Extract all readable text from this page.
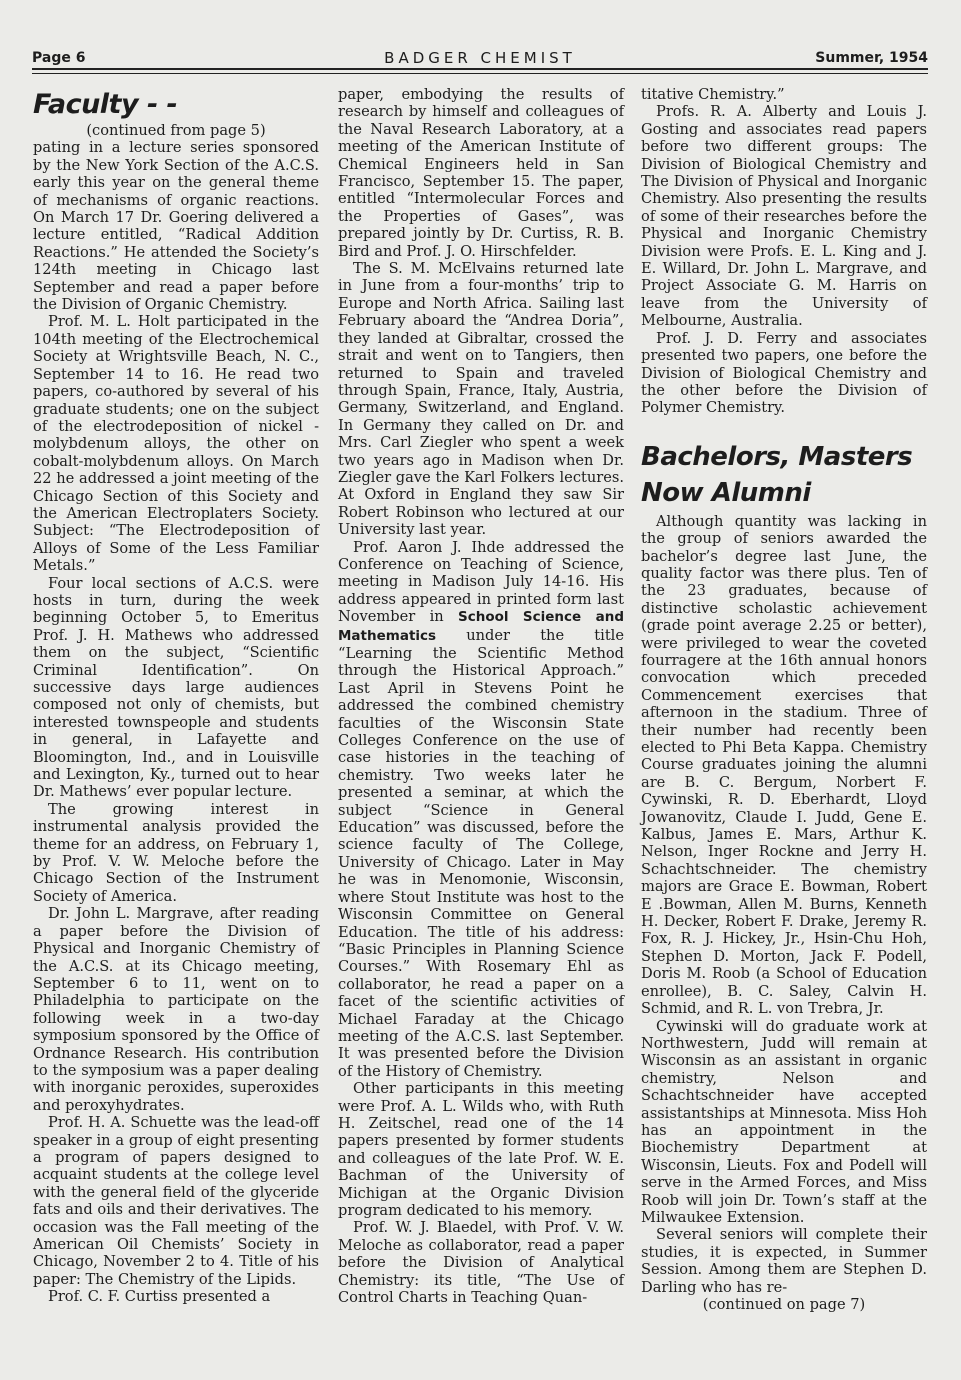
Page 6	BADGER CHEMIST	Summer, 1954
Faculty - -

(continued from page 5)

pating in a lecture series sponsored by the New York Section of the A.C.S. early this year on the general theme of mechanisms of organic reactions. On March 17 Dr. Goering delivered a lecture entitled, “Radical Addition Reactions.” He attended the Society’s 124th meeting in Chicago last September and read a paper before the Division of Organic Chemistry.

Prof. M. L. Holt participated in the 104th meeting of the Electrochemical Society at Wrightsville Beach, N. C., September 14 to 16. He read two papers, co-authored by several of his graduate students; one on the subject of the electrodeposition of nickel - molybdenum alloys, the other on cobalt-molybdenum alloys. On March 22 he addressed a joint meeting of the Chicago Section of this Society and the American Electroplaters Society. Subject: “The Electrodeposition of Alloys of Some of the Less Familiar Metals.”

Four local sections of A.C.S. were hosts in turn, during the week beginning October 5, to Emeritus Prof. J. H. Mathews who addressed them on the subject, “Scientific Criminal Identification”. On successive days large audiences composed not only of chemists, but interested townspeople and students in general, in Lafayette and Bloomington, Ind., and in Louisville and Lexington, Ky., turned out to hear Dr. Mathews’ ever popular lecture.

The growing interest in instrumental analysis provided the theme for an address, on February 1, by Prof. V. W. Meloche before the Chicago Section of the Instrument Society of America.

Dr. John L. Margrave, after reading a paper before the Division of Physical and Inorganic Chemistry of the A.C.S. at its Chicago meeting, September 6 to 11, went on to Philadelphia to participate on the following week in a two-day symposium sponsored by the Office of Ordnance Research. His contribution to the symposium was a paper dealing with inorganic peroxides, superoxides and peroxyhydrates.

Prof. H. A. Schuette was the lead-off speaker in a group of eight presenting a program of papers designed to acquaint students at the college level with the general field of the glyceride fats and oils and their derivatives. The occasion was the Fall meeting of the American Oil Chemists’ Society in Chicago, November 2 to 4. Title of his paper: The Chemistry of the Lipids.

Prof. C. F. Curtiss presented a

paper, embodying the results of research by himself and colleagues of the Naval Research Laboratory, at a meeting of the American Institute of Chemical Engineers held in San Francisco, September 15. The paper, entitled “Intermolecular Forces and the Properties of Gases”, was prepared jointly by Dr. Curtiss, R. B. Bird and Prof. J. O. Hirschfelder.

The S. M. McElvains returned late in June from a four-months’ trip to Europe and North Africa. Sailing last February aboard the “Andrea Doria”, they landed at Gibraltar, crossed the strait and went on to Tangiers, then returned to Spain and traveled through Spain, France, Italy, Austria, Germany, Switzerland, and England. In Germany they called on Dr. and Mrs. Carl Ziegler who spent a week two years ago in Madison when Dr. Ziegler gave the Karl Folkers lectures. At Oxford in England they saw Sir Robert Robinson who lectured at our University last year.

Prof. Aaron J. Ihde addressed the Conference on Teaching of Science, meeting in Madison July 14-16. His address appeared in printed form last November in School Science and Mathematics under the title “Learning the Scientific Method through the Historical Approach.” Last April in Stevens Point he addressed the combined chemistry faculties of the Wisconsin State Colleges Conference on the use of case histories in the teaching of chemistry. Two weeks later he presented a seminar, at which the subject “Science in General Education” was discussed, before the science faculty of The College, University of Chicago. Later in May he was in Menomonie, Wisconsin, where Stout Institute was host to the Wisconsin Committee on General Education. The title of his address: “Basic Principles in Planning Science Courses.” With Rosemary Ehl as collaborator, he read a paper on a facet of the scientific activities of Michael Faraday at the Chicago meeting of the A.C.S. last September. It was presented before the Division of the History of Chemistry.

Other participants in this meeting were Prof. A. L. Wilds who, with Ruth H. Zeitschel, read one of the 14 papers presented by former students and colleagues of the late Prof. W. E. Bachman of the University of Michigan at the Organic Division program dedicated to his memory.

Prof. W. J. Blaedel, with Prof. V. W. Meloche as collaborator, read a paper before the Division of Analytical Chemistry: its title, “The Use of Control Charts in Teaching Quan-

titative Chemistry.”

Profs. R. A. Alberty and Louis J. Gosting and associates read papers before two different groups: The Division of Biological Chemistry and The Division of Physical and Inorganic Chemistry. Also presenting the results of some of their researches before the Physical and Inorganic Chemistry Division were Profs. E. L. King and J. E. Willard, Dr. John L. Margrave, and Project Associate G. M. Harris on leave from the University of Melbourne, Australia.

Prof. J. D. Ferry and associates presented two papers, one before the Division of Biological Chemistry and the other before the Division of Polymer Chemistry.

Bachelors, Masters
Now Alumni

Although quantity was lacking in the group of seniors awarded the bachelor’s degree last June, the quality factor was there plus. Ten of the 23 graduates, because of distinctive scholastic achievement (grade point average 2.25 or better), were privileged to wear the coveted fourragere at the 16th annual honors convocation which preceded Commencement exercises that afternoon in the stadium. Three of their number had recently been elected to Phi Beta Kappa. Chemistry Course graduates joining the alumni are B. C. Bergum, Norbert F. Cywinski, R. D. Eberhardt, Lloyd Jowanovitz, Claude I. Judd, Gene E. Kalbus, James E. Mars, Arthur K. Nelson, Inger Rockne and Jerry H. Schachtschneider. The chemistry majors are Grace E. Bowman, Robert E .Bowman, Allen M. Burns, Kenneth H. Decker, Robert F. Drake, Jeremy R. Fox, R. J. Hickey, Jr., Hsin-Chu Hoh, Stephen D. Morton, Jack F. Podell, Doris M. Roob (a School of Education enrollee), B. C. Saley, Calvin H. Schmid, and R. L. von Trebra, Jr.

Cywinski will do graduate work at Northwestern, Judd will remain at Wisconsin as an assistant in organic chemistry, Nelson and Schachtschneider have accepted assistantships at Minnesota. Miss Hoh has an appointment in the Biochemistry Department at Wisconsin, Lieuts. Fox and Podell will serve in the Armed Forces, and Miss Roob will join Dr. Town’s staff at the Milwaukee Extension.

Several seniors will complete their studies, it is expected, in Summer Session. Among them are Stephen D. Darling who has re-

(continued on page 7)
